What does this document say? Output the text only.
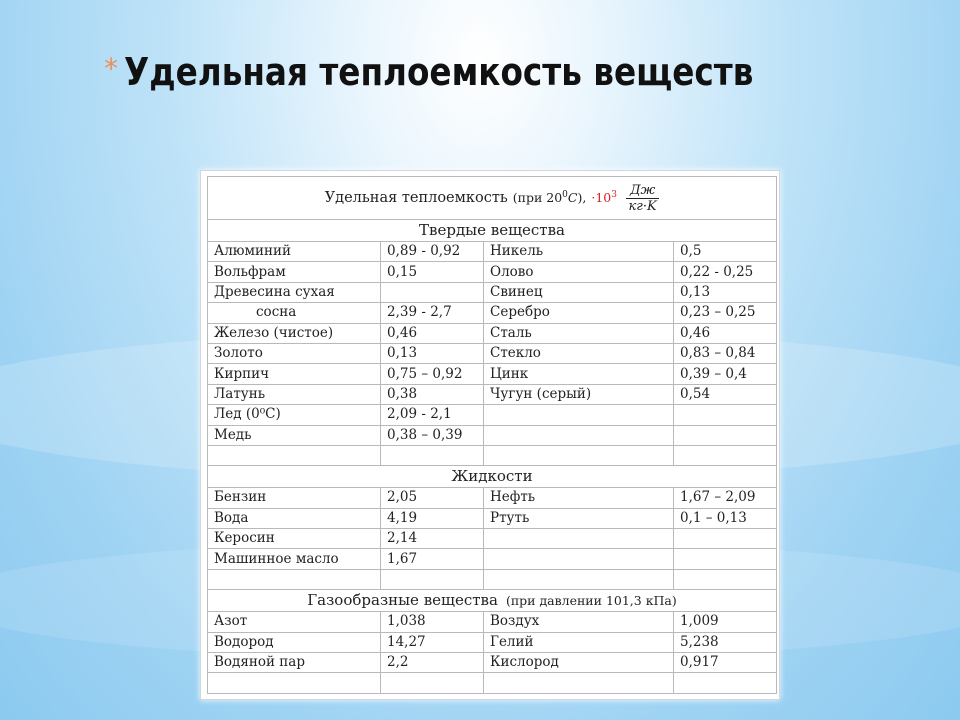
* Удельная теплоемкость веществ
Удельная теплоемкость (при $20^0C$), $\cdot 10^3 \frac{Дж}{кг\cdot K}$

Твердые вещества			
Алюминий	0,89 - 0,92	Никель	0,5
Вольфрам	0,15	Олово	0,22 - 0,25
Древесина сухая		Свинец	0,13
сосна	2,39 - 2,7	Серебро	0,23 – 0,25
Железо (чистое)	0,46	Сталь	0,46
Золото	0,13	Стекло	0,83 – 0,84
Кирпич	0,75 – 0,92	Цинк	0,39 – 0,4
Латунь	0,38	Чугун (серый)	0,54
Лед (0⁰С)	2,09 - 2,1		
Медь	0,38 – 0,39		

Жидкости			
Бензин	2,05	Нефть	1,67 – 2,09
Вода	4,19	Ртуть	0,1 – 0,13
Керосин	2,14		
Машинное масло	1,67		

Газообразные вещества (при давлении 101,3 кПа)			
Азот	1,038	Воздух	1,009
Водород	14,27	Гелий	5,238
Водяной пар	2,2	Кислород	0,917
